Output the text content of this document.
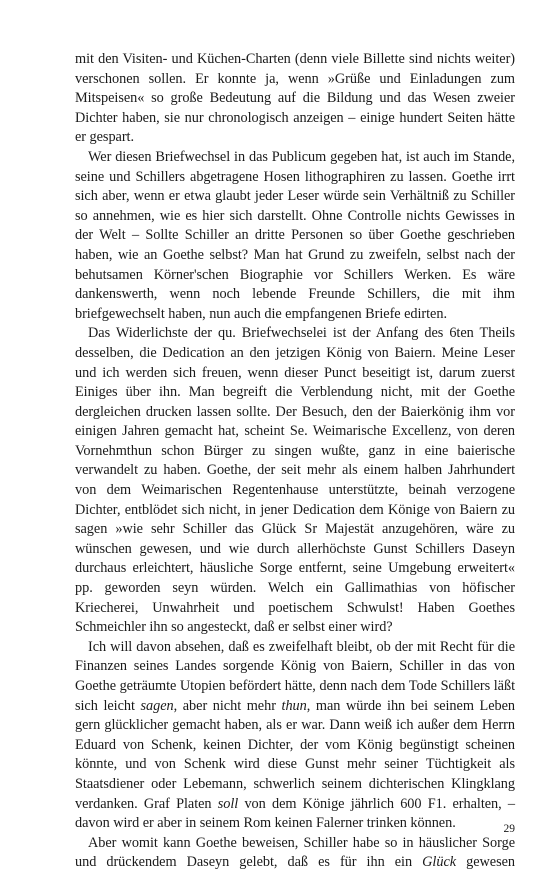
mit den Visiten- und Küchen-Charten (denn viele Billette sind nichts weiter) verschonen sollen. Er konnte ja, wenn »Grüße und Einladungen zum Mitspeisen« so große Bedeutung auf die Bildung und das Wesen zweier Dichter haben, sie nur chronologisch anzeigen – einige hundert Seiten hätte er gespart.

Wer diesen Briefwechsel in das Publicum gegeben hat, ist auch im Stande, seine und Schillers abgetragene Hosen lithographiren zu lassen. Goethe irrt sich aber, wenn er etwa glaubt jeder Leser würde sein Verhältniß zu Schiller so annehmen, wie es hier sich darstellt. Ohne Controlle nichts Gewisses in der Welt – Sollte Schiller an dritte Personen so über Goethe geschrieben haben, wie an Goethe selbst? Man hat Grund zu zweifeln, selbst nach der behutsamen Körner'schen Biographie vor Schillers Werken. Es wäre dankenswerth, wenn noch lebende Freunde Schillers, die mit ihm briefgewechselt haben, nun auch die empfangenen Briefe edirten.

Das Widerlichste der qu. Briefwechselei ist der Anfang des 6ten Theils desselben, die Dedication an den jetzigen König von Baiern. Meine Leser und ich werden sich freuen, wenn dieser Punct beseitigt ist, darum zuerst Einiges über ihn. Man begreift die Verblendung nicht, mit der Goethe dergleichen drucken lassen sollte. Der Besuch, den der Baierkönig ihm vor einigen Jahren gemacht hat, scheint Se. Weimarische Excellenz, von deren Vornehmthun schon Bürger zu singen wußte, ganz in eine baierische verwandelt zu haben. Goethe, der seit mehr als einem halben Jahrhundert von dem Weimarischen Regentenhause unterstützte, beinah verzogene Dichter, entblödet sich nicht, in jener Dedication dem Könige von Baiern zu sagen »wie sehr Schiller das Glück Sr Majestät anzugehören, wäre zu wünschen gewesen, und wie durch allerhöchste Gunst Schillers Daseyn durchaus erleichtert, häusliche Sorge entfernt, seine Umgebung erweitert« pp. geworden seyn würden. Welch ein Gallimathias von höfischer Kriecherei, Unwahrheit und poetischem Schwulst! Haben Goethes Schmeichler ihn so angesteckt, daß er selbst einer wird?

Ich will davon absehen, daß es zweifelhaft bleibt, ob der mit Recht für die Finanzen seines Landes sorgende König von Baiern, Schiller in das von Goethe geträumte Utopien befördert hätte, denn nach dem Tode Schillers läßt sich leicht sagen, aber nicht mehr thun, man würde ihn bei seinem Leben gern glücklicher gemacht haben, als er war. Dann weiß ich außer dem Herrn Eduard von Schenk, keinen Dichter, der vom König begünstigt scheinen könnte, und von Schenk wird diese Gunst mehr seiner Tüchtigkeit als Staatsdiener oder Lebemann, schwerlich seinem dichterischen Klingklang verdanken. Graf Platen soll von dem Könige jährlich 600 F1. erhalten, – davon wird er aber in seinem Rom keinen Falerner trinken können.

Aber womit kann Goethe beweisen, Schiller habe so in häuslicher Sorge und drückendem Daseyn gelebt, daß es für ihn ein Glück gewesen

29
